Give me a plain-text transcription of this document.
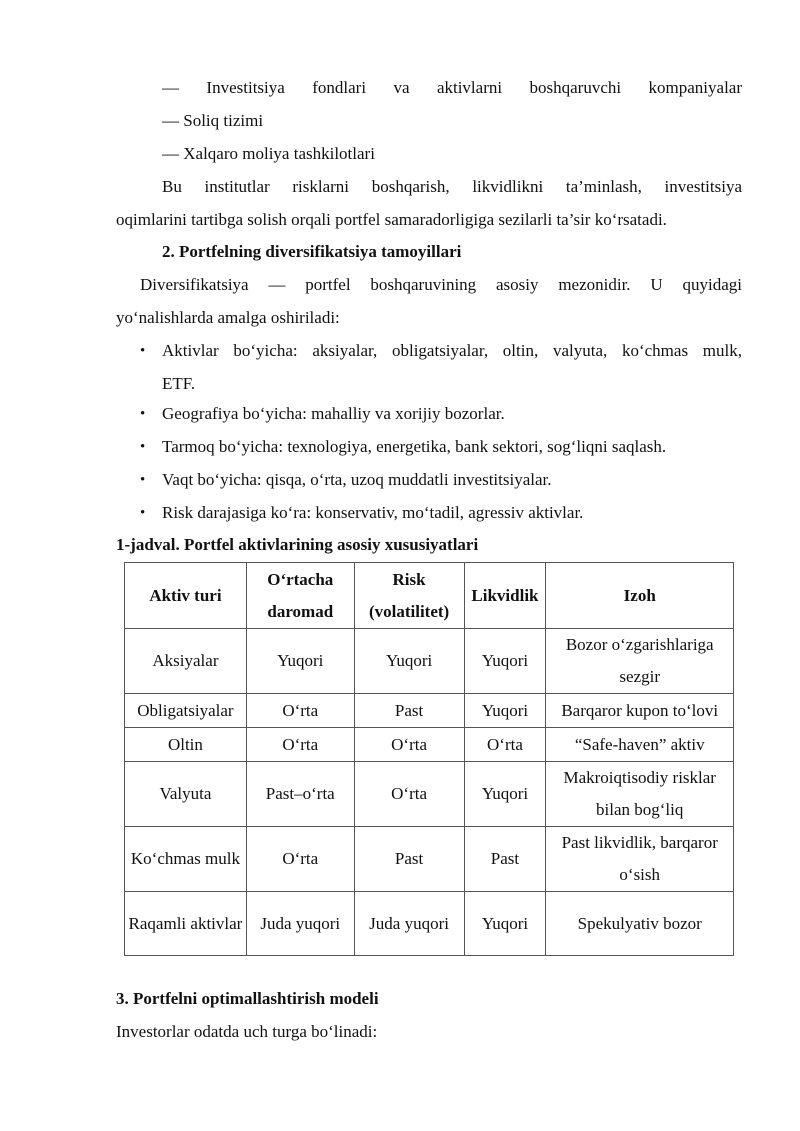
— Investitsiya fondlari va aktivlarni boshqaruvchi kompaniyalar
— Soliq tizimi
— Xalqaro moliya tashkilotlari
Bu institutlar risklarni boshqarish, likvidlikni ta’minlash, investitsiya
oqimlarini tartibga solish orqali portfel samaradorligiga sezilarli ta’sir ko‘rsatadi.
2. Portfelning diversifikatsiya tamoyillari
Diversifikatsiya — portfel boshqaruvining asosiy mezonidir. U quyidagi
yo‘nalishlarda amalga oshiriladi:
• Aktivlar bo‘yicha: aksiyalar, obligatsiyalar, oltin, valyuta, ko‘chmas mulk,
ETF.
• Geografiya bo‘yicha: mahalliy va xorijiy bozorlar.
• Tarmoq bo‘yicha: texnologiya, energetika, bank sektori, sog‘liqni saqlash.
• Vaqt bo‘yicha: qisqa, o‘rta, uzoq muddatli investitsiyalar.
• Risk darajasiga ko‘ra: konservativ, mo‘tadil, agressiv aktivlar.
1-jadval. Portfel aktivlarining asosiy xususiyatlari
Aktiv turi	O‘rtacha daromad	Risk (volatilitet)	Likvidlik	Izoh
Aksiyalar	Yuqori	Yuqori	Yuqori	Bozor o‘zgarishlariga sezgir
Obligatsiyalar	O‘rta	Past	Yuqori	Barqaror kupon to‘lovi
Oltin	O‘rta	O‘rta	O‘rta	“Safe-haven” aktiv
Valyuta	Past–o‘rta	O‘rta	Yuqori	Makroiqtisodiy risklar bilan bog‘liq
Ko‘chmas mulk	O‘rta	Past	Past	Past likvidlik, barqaror o‘sish
Raqamli aktivlar	Juda yuqori	Juda yuqori	Yuqori	Spekulyativ bozor
3. Portfelni optimallashtirish modeli
Investorlar odatda uch turga bo‘linadi:
